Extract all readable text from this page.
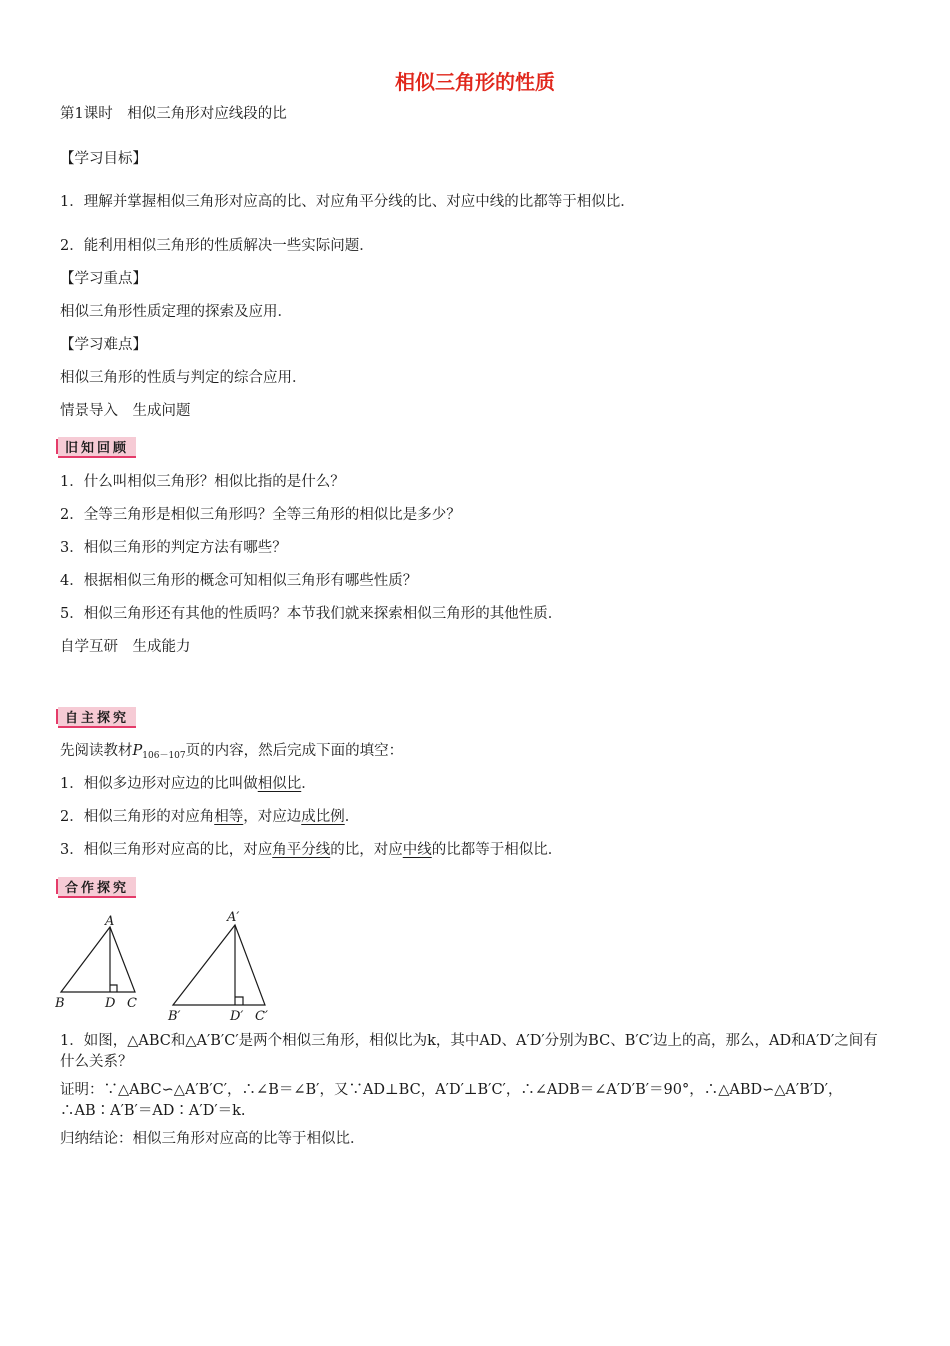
相似三角形的性质
第1课时　相似三角形对应线段的比
【学习目标】
1．理解并掌握相似三角形对应高的比、对应角平分线的比、对应中线的比都等于相似比．
2．能利用相似三角形的性质解决一些实际问题．
【学习重点】
相似三角形性质定理的探索及应用．
【学习难点】
相似三角形的性质与判定的综合应用．
情景导入　生成问题
旧知回顾
1．什么叫相似三角形？相似比指的是什么？
2．全等三角形是相似三角形吗？全等三角形的相似比是多少？
3．相似三角形的判定方法有哪些？
4．根据相似三角形的概念可知相似三角形有哪些性质？
5．相似三角形还有其他的性质吗？本节我们就来探索相似三角形的其他性质．
自学互研　生成能力
自主探究
先阅读教材$P_{106-107}$页的内容，然后完成下面的填空：
1．相似多边形对应边的比叫做相似比．
2．相似三角形的对应角相等，对应边成比例．
3．相似三角形对应高的比，对应角平分线的比，对应中线的比都等于相似比．
合作探究
A
B	D C
A′
B′	D′ C′
1．如图，△ABC和△A′B′C′是两个相似三角形，相似比为k，其中AD、A′D′分别为BC、B′C′边上的高，那么，AD和A′D′之间有什么关系？
证明：∵△ABC∽△A′B′C′，∴∠B＝∠B′，又∵AD⊥BC，A′D′⊥B′C′，∴∠ADB＝∠A′D′B′＝90°，∴△ABD∽△A′B′D′，∴AB∶A′B′＝AD∶A′D′＝k.
归纳结论：相似三角形对应高的比等于相似比．
